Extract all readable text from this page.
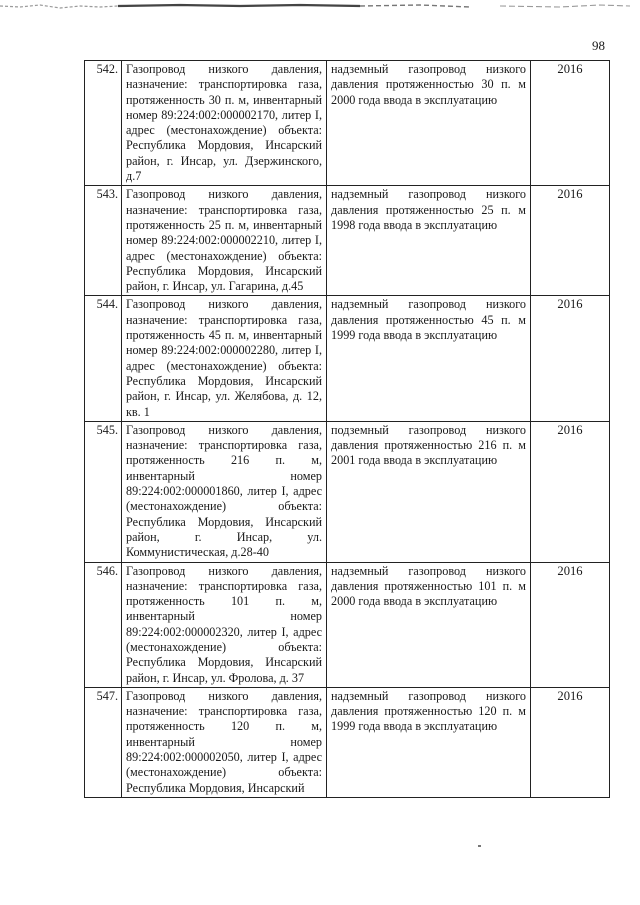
98
542.	Газопровод низкого давления, назначение: транспортировка газа, протяженность 30 п. м, инвентарный номер 89:224:002:000002170, литер I, адрес (местонахождение) объекта: Республика Мордовия, Инсарский район, г. Инсар, ул. Дзержинского, д.7	надземный газопровод низкого давления протяженностью 30 п. м 2000 года ввода в эксплуатацию	2016
543.	Газопровод низкого давления, назначение: транспортировка газа, протяженность 25 п. м, инвентарный номер 89:224:002:000002210, литер I, адрес (местонахождение) объекта: Республика Мордовия, Инсарский район, г. Инсар, ул. Гагарина, д.45	надземный газопровод низкого давления протяженностью 25 п. м 1998 года ввода в эксплуатацию	2016
544.	Газопровод низкого давления, назначение: транспортировка газа, протяженность 45 п. м, инвентарный номер 89:224:002:000002280, литер I, адрес (местонахождение) объекта: Республика Мордовия, Инсарский район, г. Инсар, ул. Желябова, д. 12, кв. 1	надземный газопровод низкого давления протяженностью 45 п. м 1999 года ввода в эксплуатацию	2016
545.	Газопровод низкого давления, назначение: транспортировка газа, протяженность 216 п. м, инвентарный номер 89:224:002:000001860, литер I, адрес (местонахождение) объекта: Республика Мордовия, Инсарский район, г. Инсар, ул. Коммунистическая, д.28-40	подземный газопровод низкого давления протяженностью 216 п. м 2001 года ввода в эксплуатацию	2016
546.	Газопровод низкого давления, назначение: транспортировка газа, протяженность 101 п. м, инвентарный номер 89:224:002:000002320, литер I, адрес (местонахождение) объекта: Республика Мордовия, Инсарский район, г. Инсар, ул. Фролова, д. 37	надземный газопровод низкого давления протяженностью 101 п. м 2000 года ввода в эксплуатацию	2016
547.	Газопровод низкого давления, назначение: транспортировка газа, протяженность 120 п. м, инвентарный номер 89:224:002:000002050, литер I, адрес (местонахождение) объекта: Республика Мордовия, Инсарский	надземный газопровод низкого давления протяженностью 120 п. м 1999 года ввода в эксплуатацию	2016
